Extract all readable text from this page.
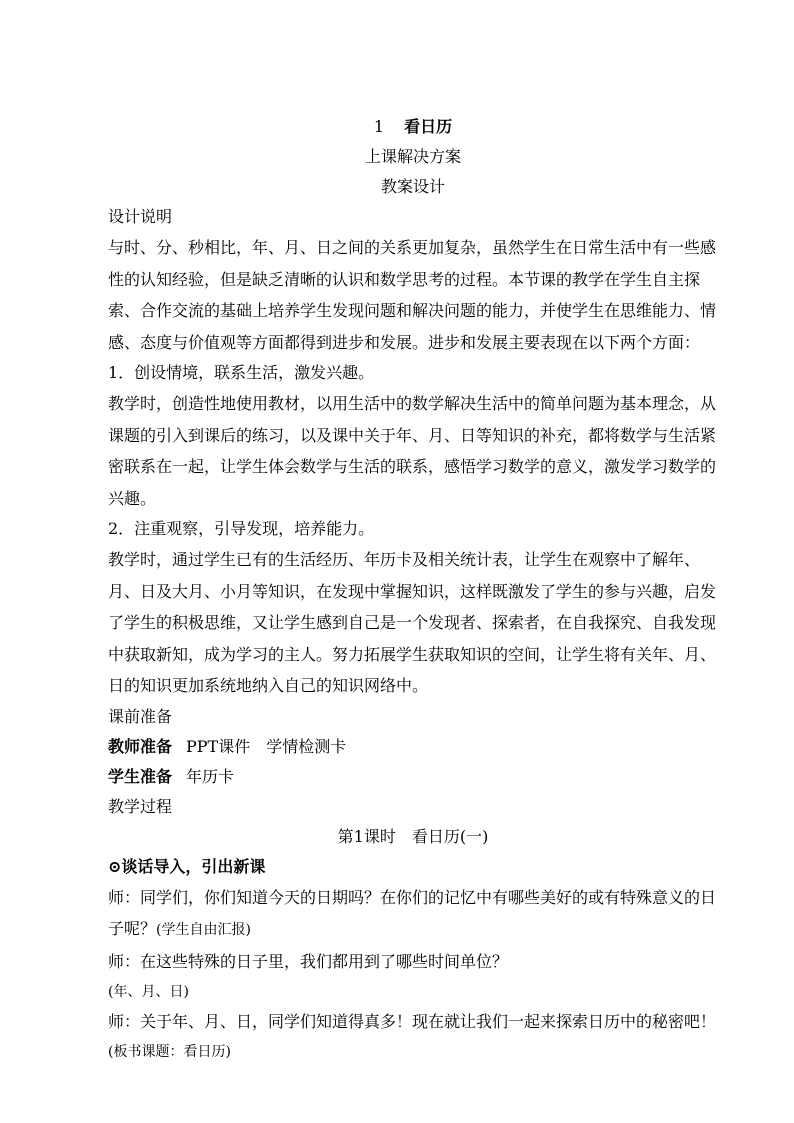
1 看日历
上课解决方案
教案设计
设计说明
与时、分、秒相比，年、月、日之间的关系更加复杂，虽然学生在日常生活中有一些感性的认知经验，但是缺乏清晰的认识和数学思考的过程。本节课的教学在学生自主探索、合作交流的基础上培养学生发现问题和解决问题的能力，并使学生在思维能力、情感、态度与价值观等方面都得到进步和发展。进步和发展主要表现在以下两个方面：
1．创设情境，联系生活，激发兴趣。
教学时，创造性地使用教材，以用生活中的数学解决生活中的简单问题为基本理念，从课题的引入到课后的练习，以及课中关于年、月、日等知识的补充，都将数学与生活紧密联系在一起，让学生体会数学与生活的联系，感悟学习数学的意义，激发学习数学的兴趣。
2．注重观察，引导发现，培养能力。
教学时，通过学生已有的生活经历、年历卡及相关统计表，让学生在观察中了解年、月、日及大月、小月等知识，在发现中掌握知识，这样既激发了学生的参与兴趣，启发了学生的积极思维，又让学生感到自己是一个发现者、探索者，在自我探究、自我发现中获取新知，成为学习的主人。努力拓展学生获取知识的空间，让学生将有关年、月、日的知识更加系统地纳入自己的知识网络中。
课前准备
教师准备 PPT课件　学情检测卡
学生准备 年历卡
教学过程
第1课时　看日历(一)
⊙谈话导入，引出新课
师：同学们，你们知道今天的日期吗？在你们的记忆中有哪些美好的或有特殊意义的日子呢？(学生自由汇报)
师：在这些特殊的日子里，我们都用到了哪些时间单位？
(年、月、日)
师：关于年、月、日，同学们知道得真多！现在就让我们一起来探索日历中的秘密吧！
(板书课题：看日历)
